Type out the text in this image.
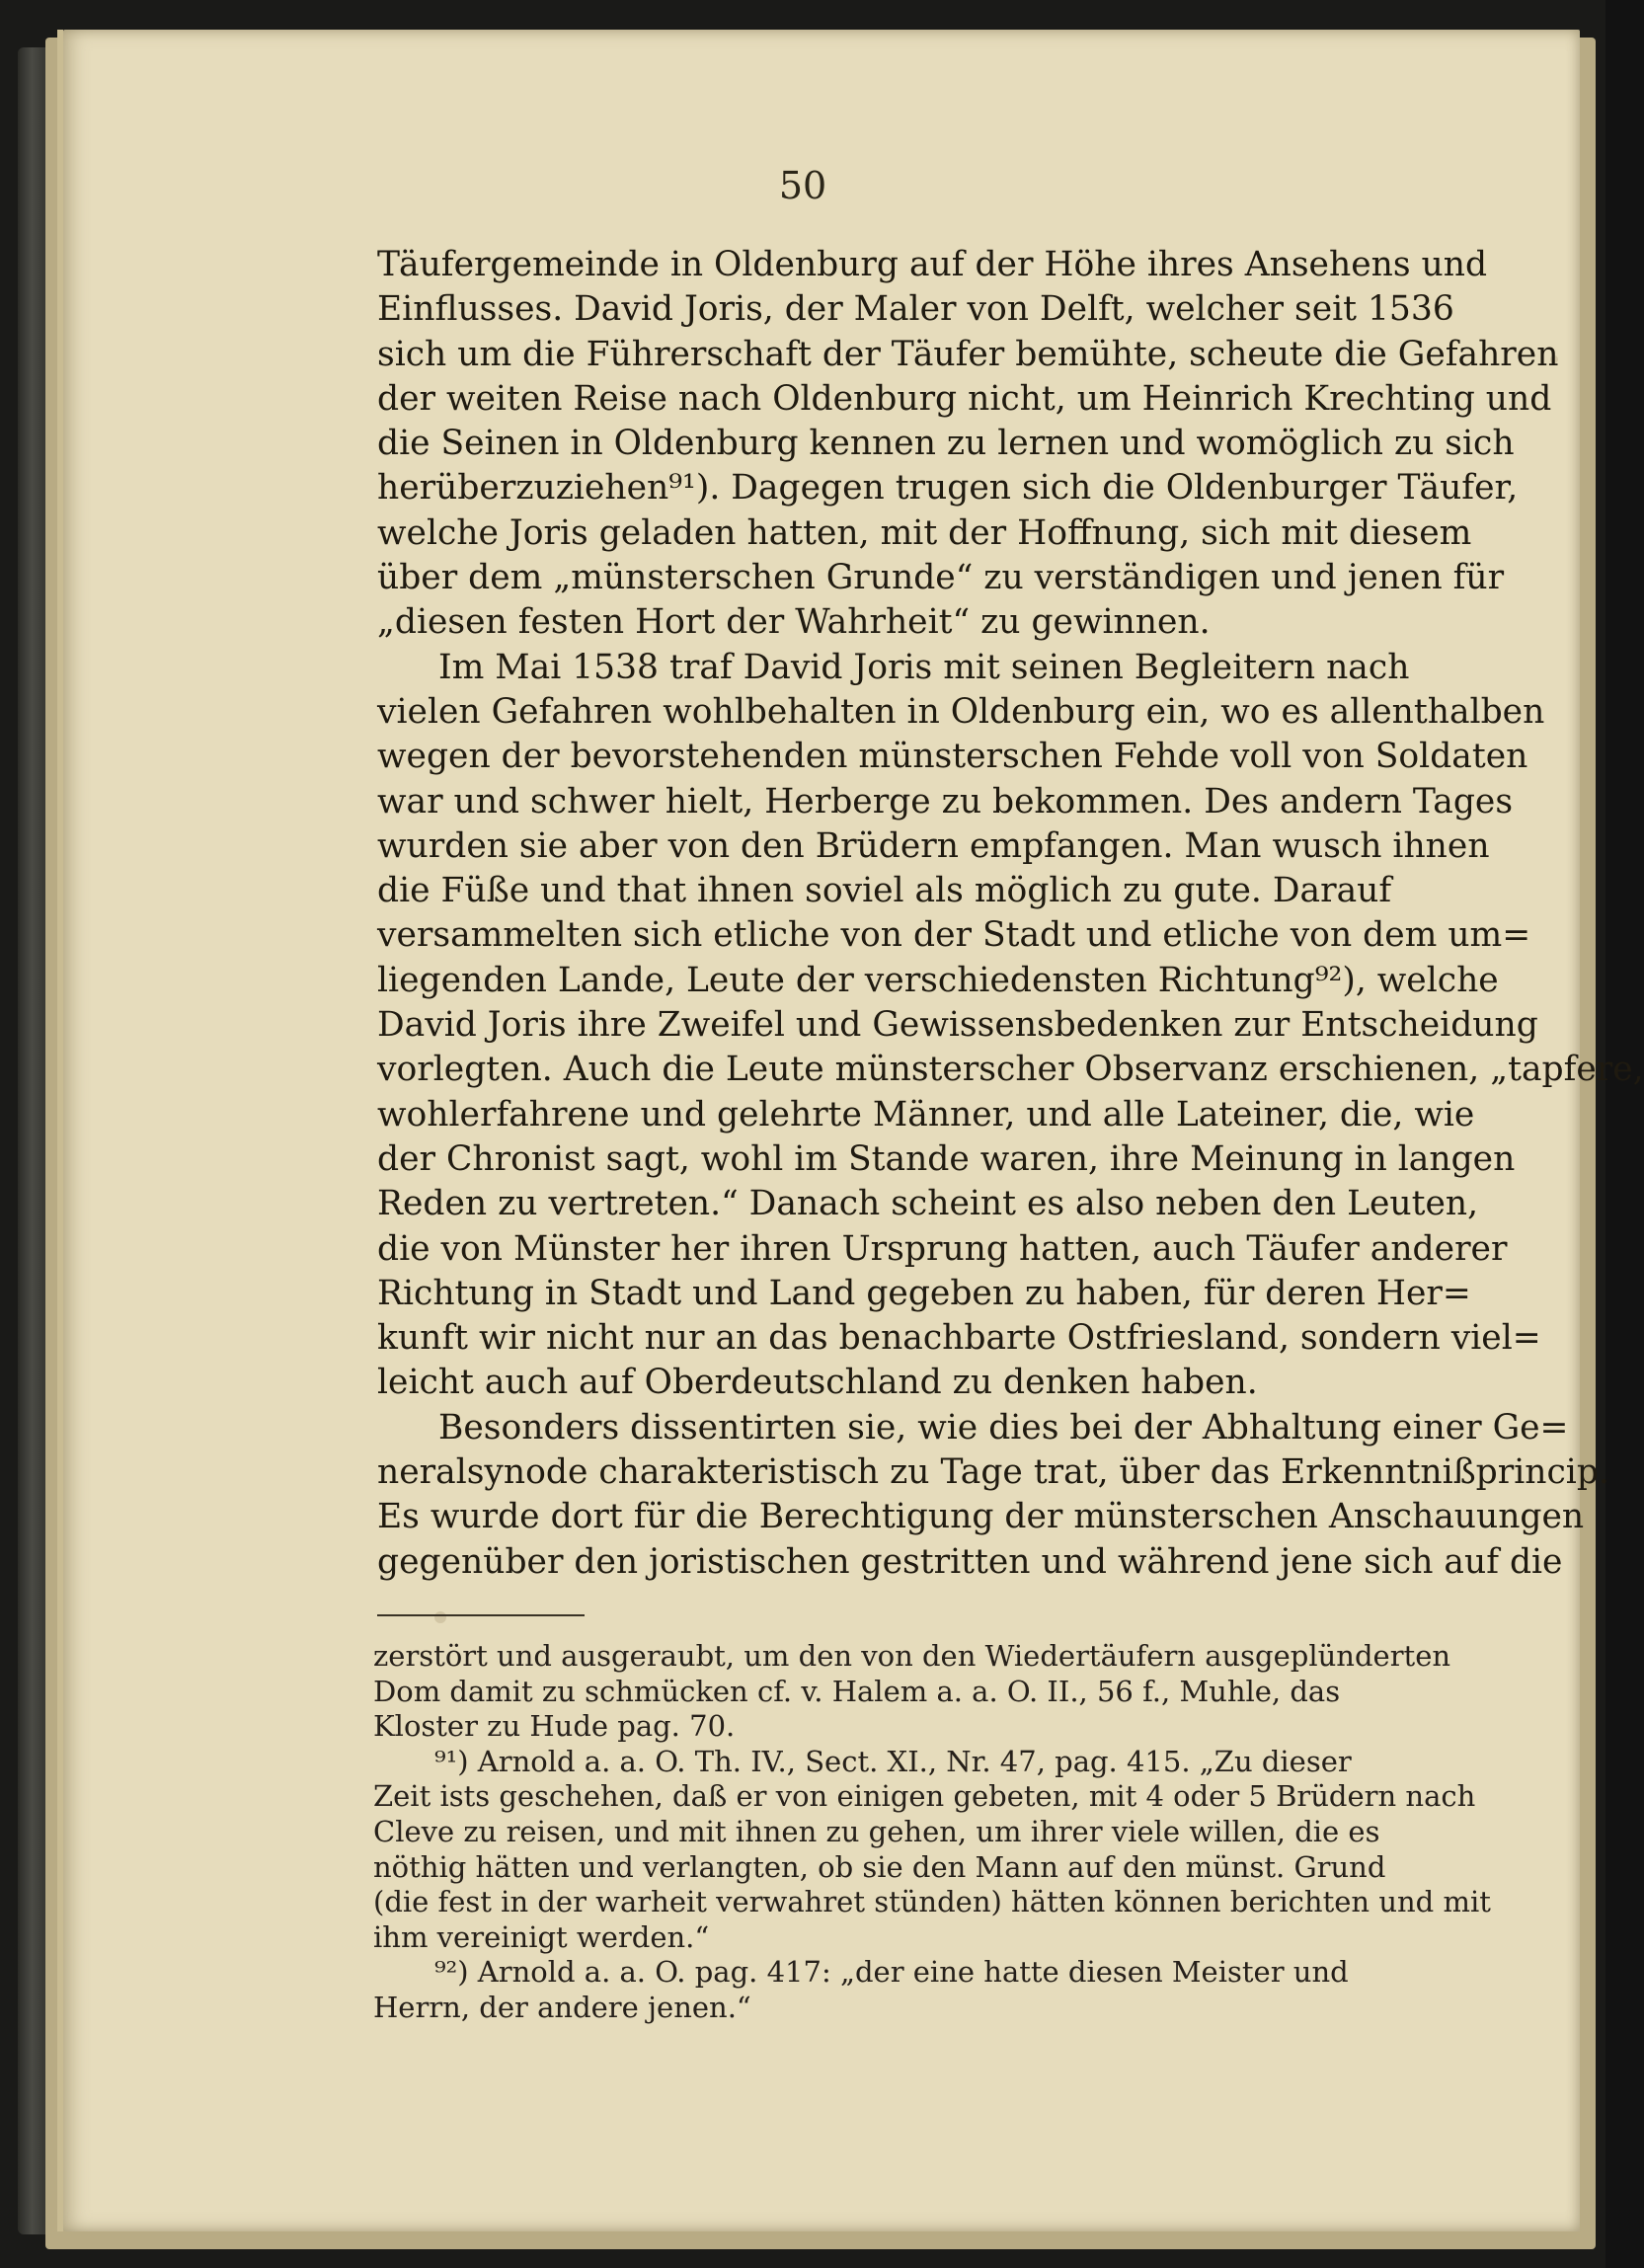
50
Täufergemeinde in Oldenburg auf der Höhe ihres Ansehens und
Einflusses. David Joris, der Maler von Delft, welcher seit 1536
sich um die Führerschaft der Täufer bemühte, scheute die Gefahren
der weiten Reise nach Oldenburg nicht, um Heinrich Krechting und
die Seinen in Oldenburg kennen zu lernen und womöglich zu sich
herüberzuziehen⁹¹). Dagegen trugen sich die Oldenburger Täufer,
welche Joris geladen hatten, mit der Hoffnung, sich mit diesem
über dem „münsterschen Grunde“ zu verständigen und jenen für
„diesen festen Hort der Wahrheit“ zu gewinnen.
Im Mai 1538 traf David Joris mit seinen Begleitern nach
vielen Gefahren wohlbehalten in Oldenburg ein, wo es allenthalben
wegen der bevorstehenden münsterschen Fehde voll von Soldaten
war und schwer hielt, Herberge zu bekommen. Des andern Tages
wurden sie aber von den Brüdern empfangen. Man wusch ihnen
die Füße und that ihnen soviel als möglich zu gute. Darauf
versammelten sich etliche von der Stadt und etliche von dem um=
liegenden Lande, Leute der verschiedensten Richtung⁹²), welche
David Joris ihre Zweifel und Gewissensbedenken zur Entscheidung
vorlegten. Auch die Leute münsterscher Observanz erschienen, „tapfere,
wohlerfahrene und gelehrte Männer, und alle Lateiner, die, wie
der Chronist sagt, wohl im Stande waren, ihre Meinung in langen
Reden zu vertreten.“ Danach scheint es also neben den Leuten,
die von Münster her ihren Ursprung hatten, auch Täufer anderer
Richtung in Stadt und Land gegeben zu haben, für deren Her=
kunft wir nicht nur an das benachbarte Ostfriesland, sondern viel=
leicht auch auf Oberdeutschland zu denken haben.
Besonders dissentirten sie, wie dies bei der Abhaltung einer Ge=
neralsynode charakteristisch zu Tage trat, über das Erkenntnißprincip.
Es wurde dort für die Berechtigung der münsterschen Anschauungen
gegenüber den joristischen gestritten und während jene sich auf die
zerstört und ausgeraubt, um den von den Wiedertäufern ausgeplünderten
Dom damit zu schmücken cf. v. Halem a. a. O. II., 56 f., Muhle, das
Kloster zu Hude pag. 70.
⁹¹) Arnold a. a. O. Th. IV., Sect. XI., Nr. 47, pag. 415. „Zu dieser
Zeit ists geschehen, daß er von einigen gebeten, mit 4 oder 5 Brüdern nach
Cleve zu reisen, und mit ihnen zu gehen, um ihrer viele willen, die es
nöthig hätten und verlangten, ob sie den Mann auf den münst. Grund
(die fest in der warheit verwahret stünden) hätten können berichten und mit
ihm vereinigt werden.“
⁹²) Arnold a. a. O. pag. 417: „der eine hatte diesen Meister und
Herrn, der andere jenen.“
